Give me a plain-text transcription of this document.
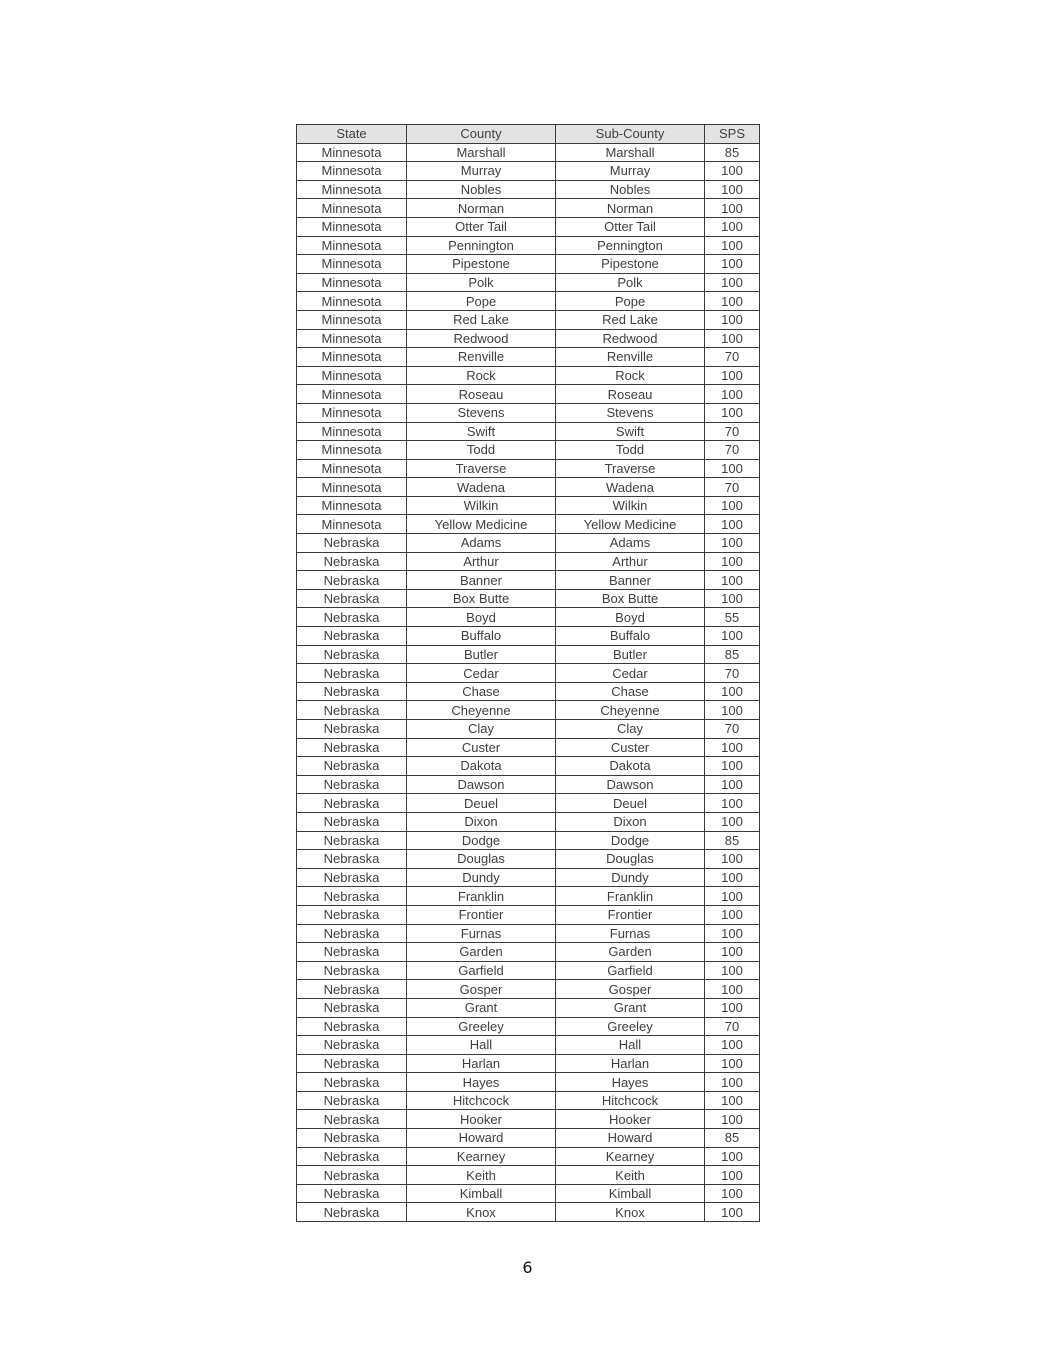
State	County	Sub-County	SPS
Minnesota	Marshall	Marshall	85
Minnesota	Murray	Murray	100
Minnesota	Nobles	Nobles	100
Minnesota	Norman	Norman	100
Minnesota	Otter Tail	Otter Tail	100
Minnesota	Pennington	Pennington	100
Minnesota	Pipestone	Pipestone	100
Minnesota	Polk	Polk	100
Minnesota	Pope	Pope	100
Minnesota	Red Lake	Red Lake	100
Minnesota	Redwood	Redwood	100
Minnesota	Renville	Renville	70
Minnesota	Rock	Rock	100
Minnesota	Roseau	Roseau	100
Minnesota	Stevens	Stevens	100
Minnesota	Swift	Swift	70
Minnesota	Todd	Todd	70
Minnesota	Traverse	Traverse	100
Minnesota	Wadena	Wadena	70
Minnesota	Wilkin	Wilkin	100
Minnesota	Yellow Medicine	Yellow Medicine	100
Nebraska	Adams	Adams	100
Nebraska	Arthur	Arthur	100
Nebraska	Banner	Banner	100
Nebraska	Box Butte	Box Butte	100
Nebraska	Boyd	Boyd	55
Nebraska	Buffalo	Buffalo	100
Nebraska	Butler	Butler	85
Nebraska	Cedar	Cedar	70
Nebraska	Chase	Chase	100
Nebraska	Cheyenne	Cheyenne	100
Nebraska	Clay	Clay	70
Nebraska	Custer	Custer	100
Nebraska	Dakota	Dakota	100
Nebraska	Dawson	Dawson	100
Nebraska	Deuel	Deuel	100
Nebraska	Dixon	Dixon	100
Nebraska	Dodge	Dodge	85
Nebraska	Douglas	Douglas	100
Nebraska	Dundy	Dundy	100
Nebraska	Franklin	Franklin	100
Nebraska	Frontier	Frontier	100
Nebraska	Furnas	Furnas	100
Nebraska	Garden	Garden	100
Nebraska	Garfield	Garfield	100
Nebraska	Gosper	Gosper	100
Nebraska	Grant	Grant	100
Nebraska	Greeley	Greeley	70
Nebraska	Hall	Hall	100
Nebraska	Harlan	Harlan	100
Nebraska	Hayes	Hayes	100
Nebraska	Hitchcock	Hitchcock	100
Nebraska	Hooker	Hooker	100
Nebraska	Howard	Howard	85
Nebraska	Kearney	Kearney	100
Nebraska	Keith	Keith	100
Nebraska	Kimball	Kimball	100
Nebraska	Knox	Knox	100
6
